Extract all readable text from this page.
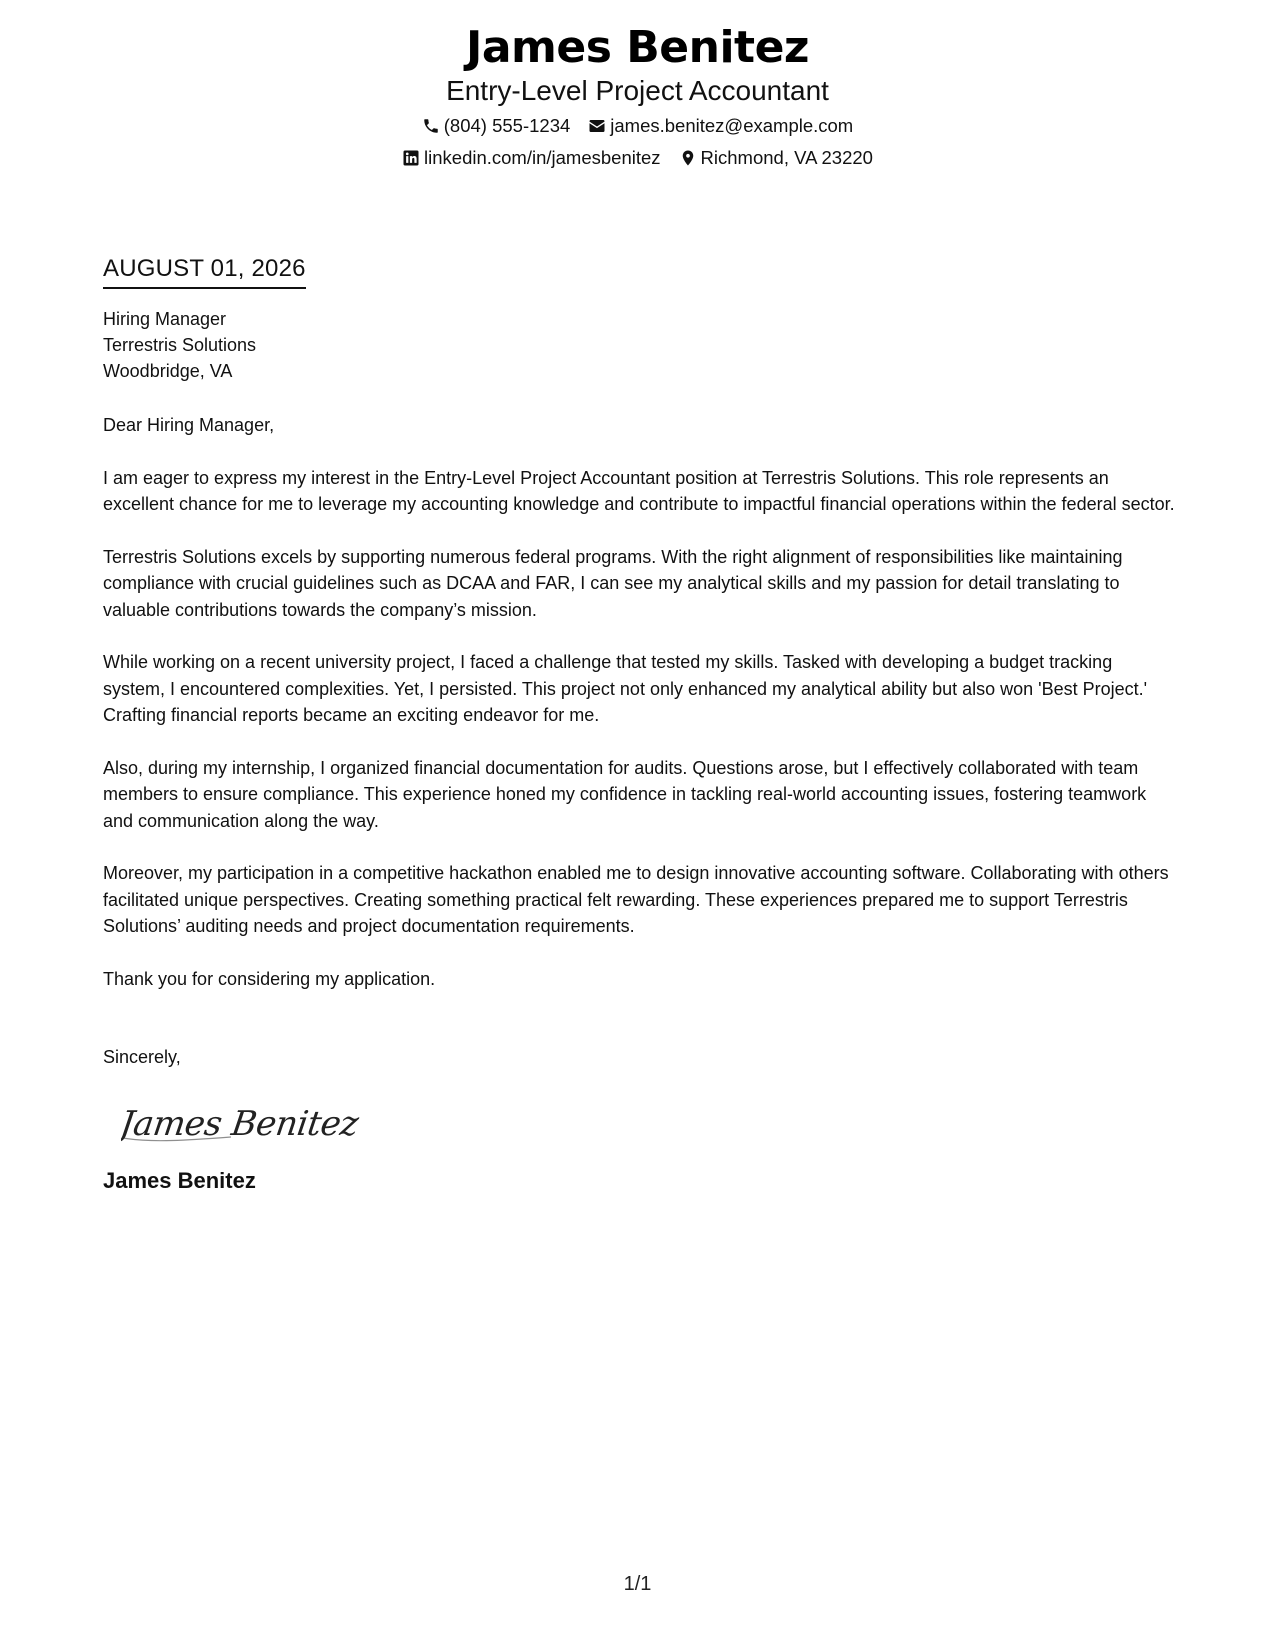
James Benitez
Entry-Level Project Accountant
(804) 555-1234 james.benitez@example.com
linkedin.com/in/jamesbenitez Richmond, VA 23220
AUGUST 01, 2026
Hiring Manager
Terrestris Solutions
Woodbridge, VA
Dear Hiring Manager,
I am eager to express my interest in the Entry-Level Project Accountant position at Terrestris Solutions. This role represents an excellent chance for me to leverage my accounting knowledge and contribute to impactful financial operations within the federal sector.
Terrestris Solutions excels by supporting numerous federal programs. With the right alignment of responsibilities like maintaining compliance with crucial guidelines such as DCAA and FAR, I can see my analytical skills and my passion for detail translating to valuable contributions towards the company’s mission.
While working on a recent university project, I faced a challenge that tested my skills. Tasked with developing a budget tracking system, I encountered complexities. Yet, I persisted. This project not only enhanced my analytical ability but also won 'Best Project.' Crafting financial reports became an exciting endeavor for me.
Also, during my internship, I organized financial documentation for audits. Questions arose, but I effectively collaborated with team members to ensure compliance. This experience honed my confidence in tackling real-world accounting issues, fostering teamwork and communication along the way.
Moreover, my participation in a competitive hackathon enabled me to design innovative accounting software. Collaborating with others facilitated unique perspectives. Creating something practical felt rewarding. These experiences prepared me to support Terrestris Solutions’ auditing needs and project documentation requirements.
Thank you for considering my application.
Sincerely,
James Benitez
James Benitez
1/1
